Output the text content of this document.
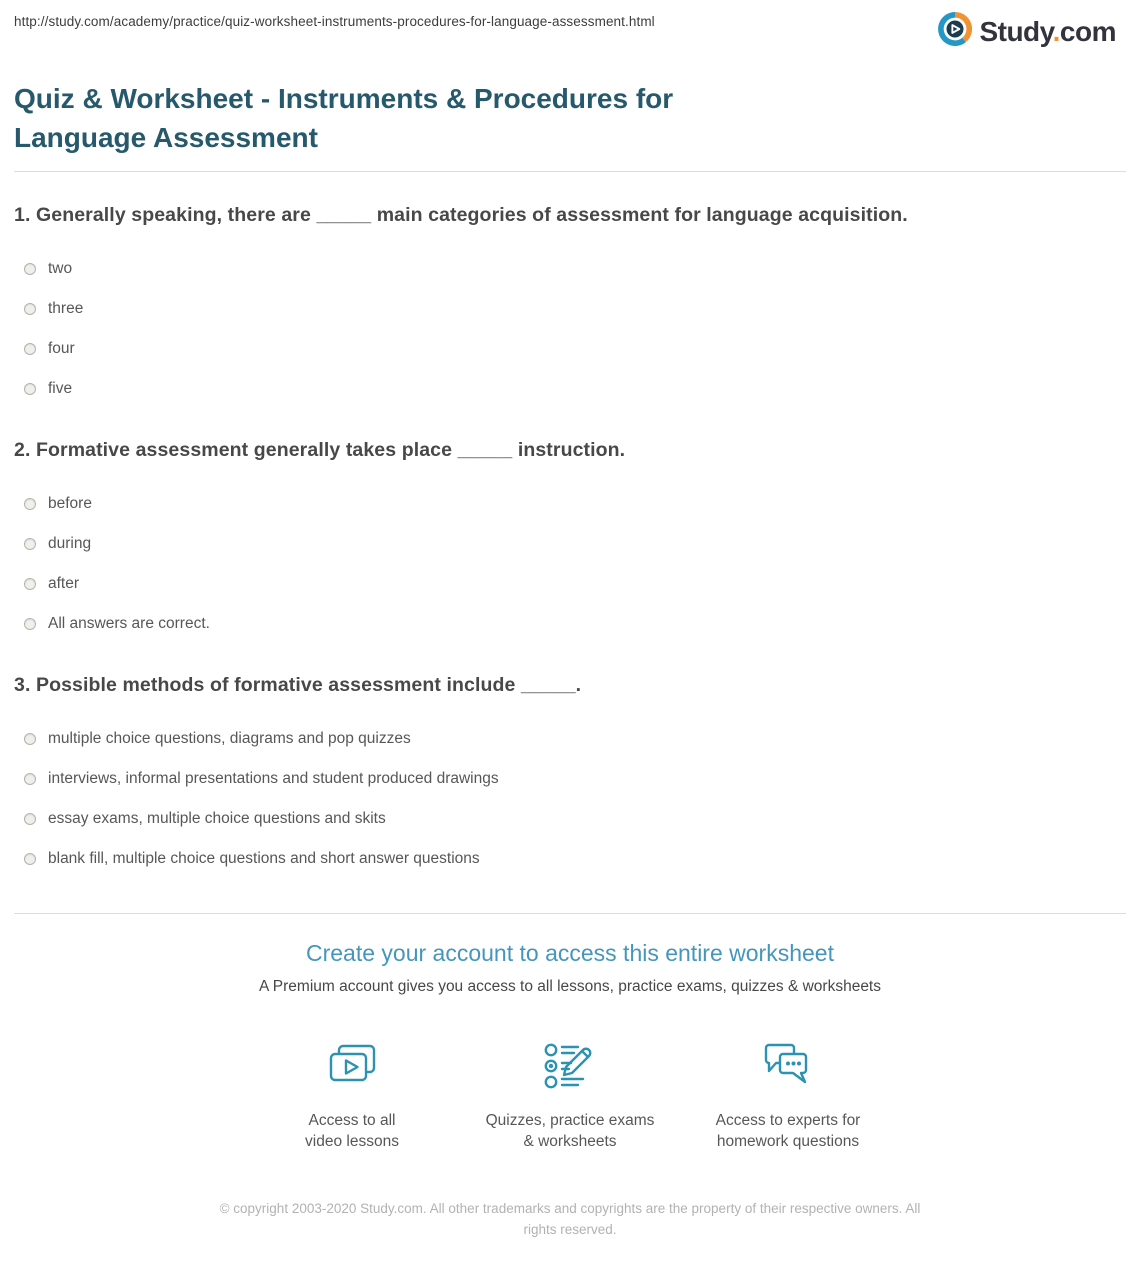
http://study.com/academy/practice/quiz-worksheet-instruments-procedures-for-language-assessment.html	Study.com
Quiz & Worksheet - Instruments & Procedures for Language Assessment
1. Generally speaking, there are _____ main categories of assessment for language acquisition.
two
three
four
five
2. Formative assessment generally takes place _____ instruction.
before
during
after
All answers are correct.
3. Possible methods of formative assessment include _____.
multiple choice questions, diagrams and pop quizzes
interviews, informal presentations and student produced drawings
essay exams, multiple choice questions and skits
blank fill, multiple choice questions and short answer questions
Create your account to access this entire worksheet
A Premium account gives you access to all lessons, practice exams, quizzes & worksheets
Access to all
video lessons
Quizzes, practice exams
& worksheets
Access to experts for
homework questions
© copyright 2003-2020 Study.com. All other trademarks and copyrights are the property of their respective owners. All rights reserved.
